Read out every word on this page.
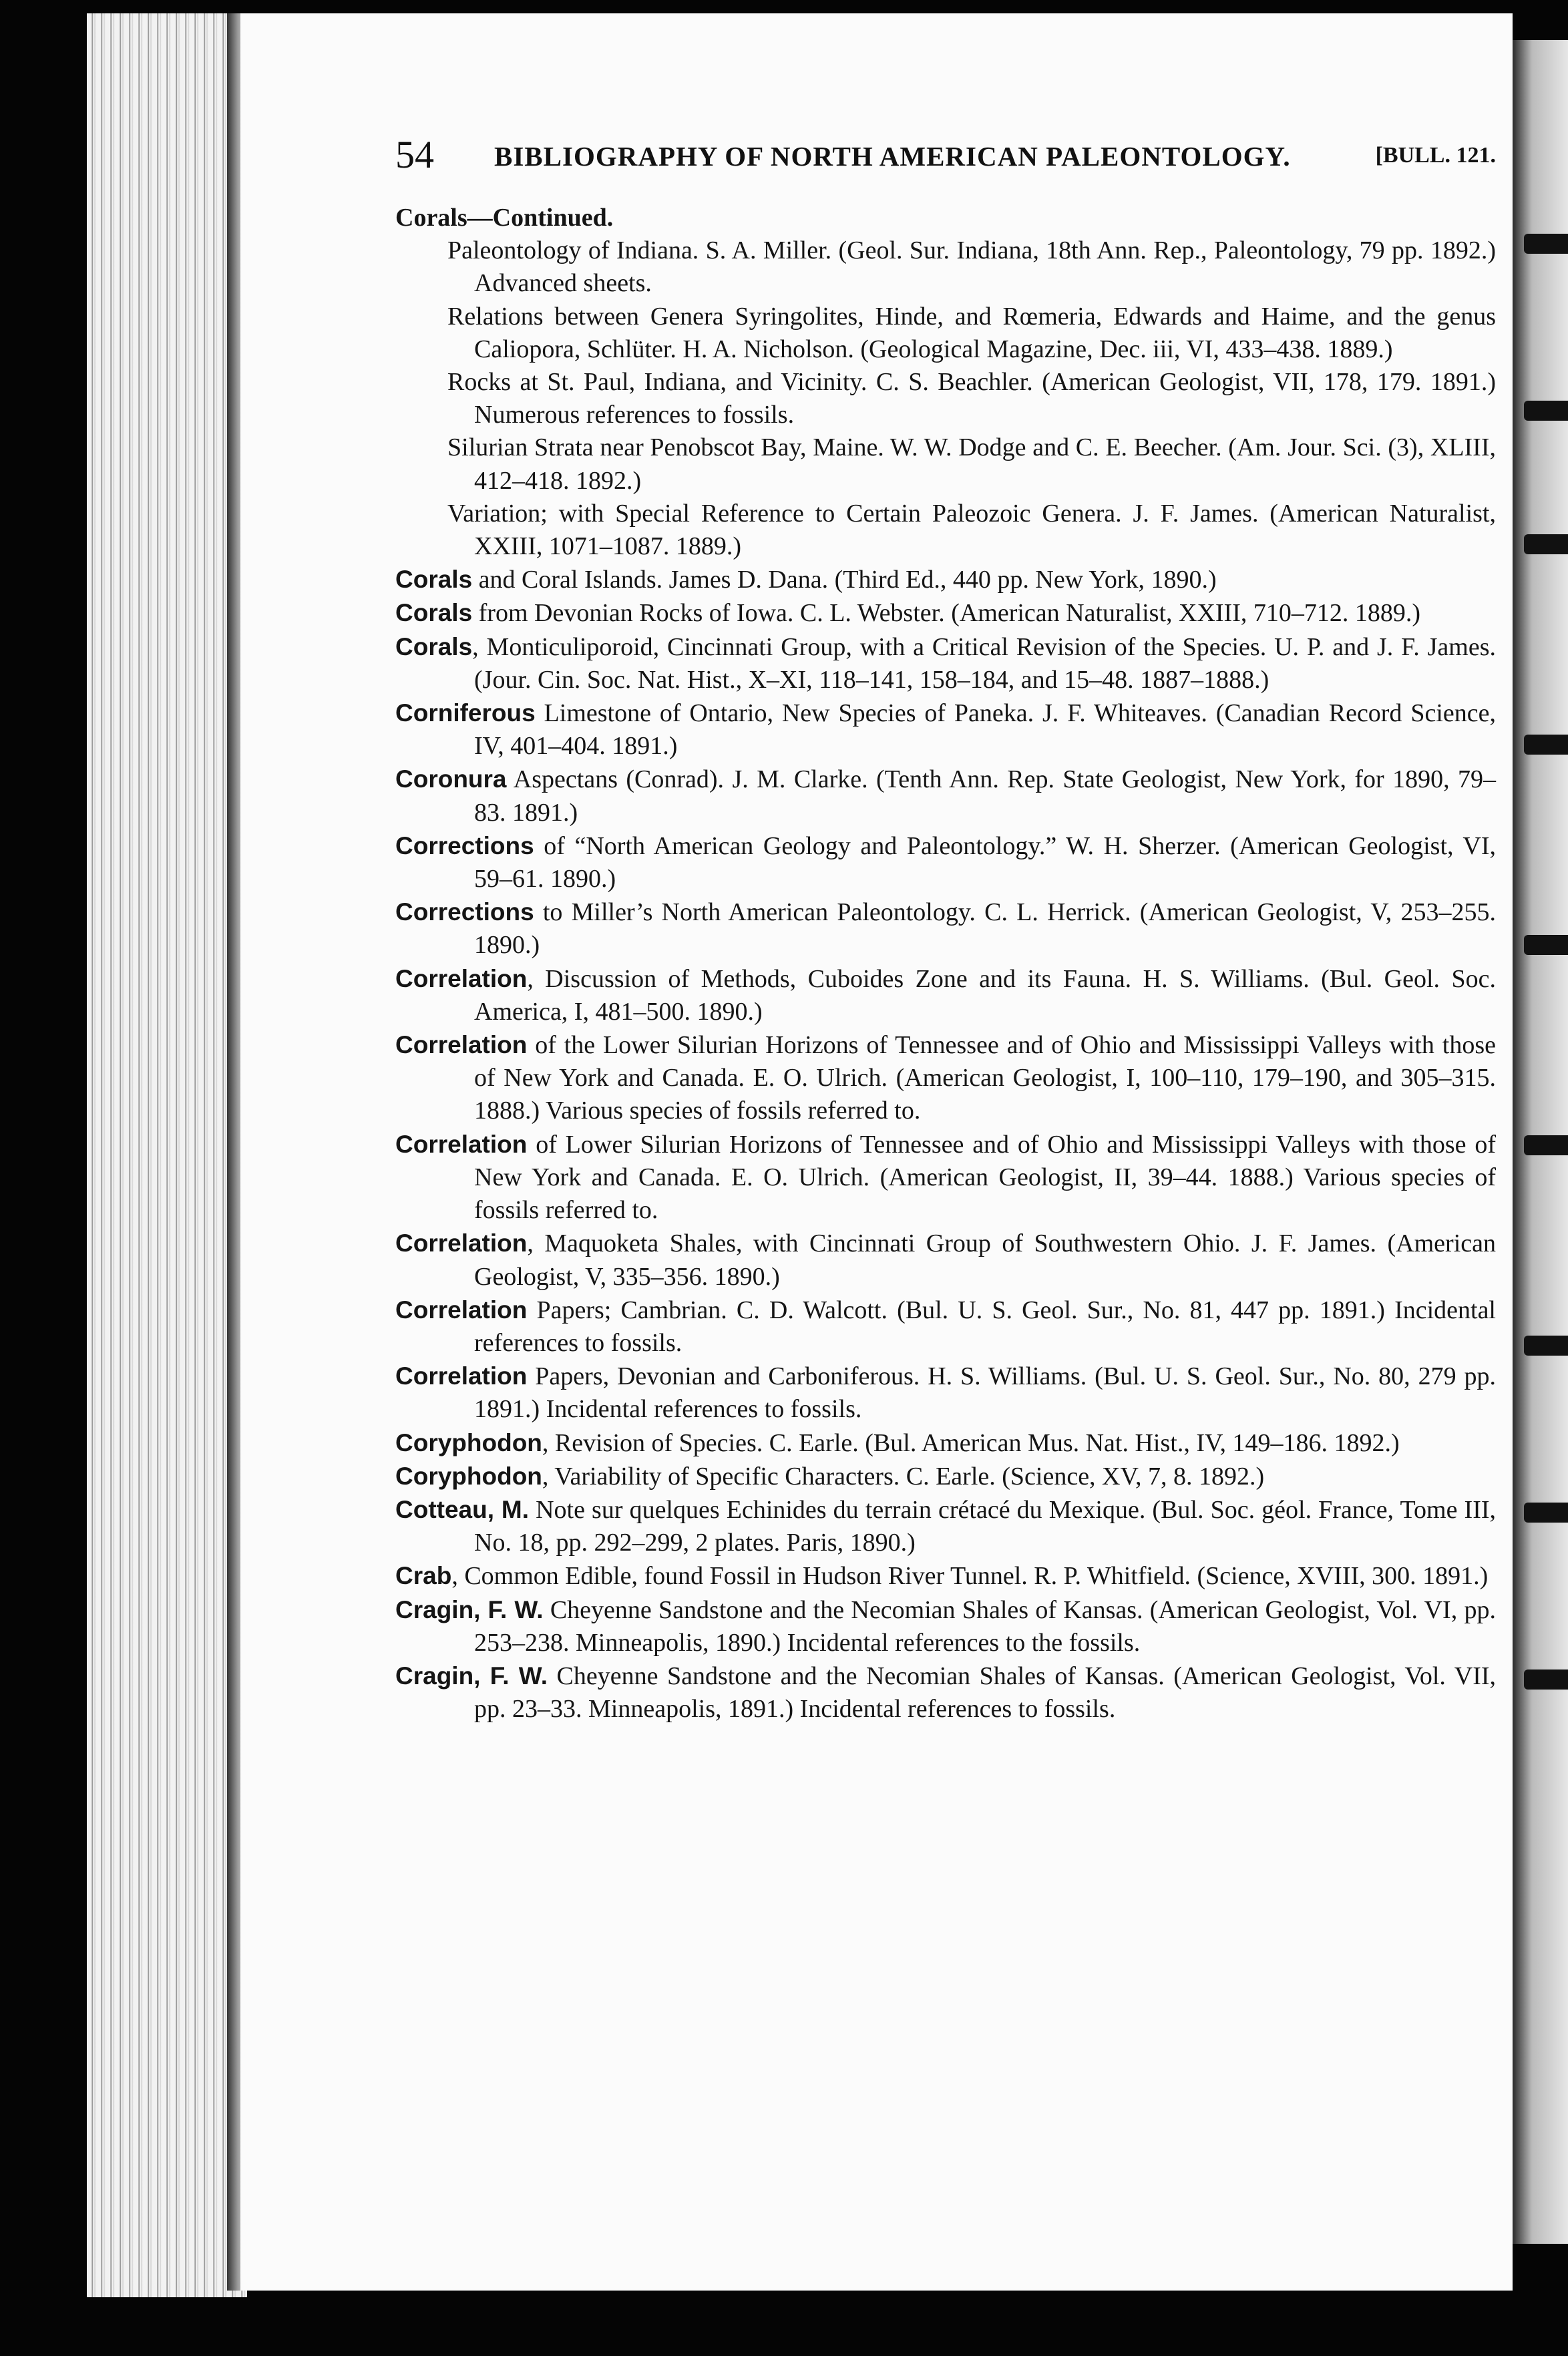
54 BIBLIOGRAPHY OF NORTH AMERICAN PALEONTOLOGY.	[BULL. 121.
Corals—Continued.
Paleontology of Indiana. S. A. Miller. (Geol. Sur. Indiana, 18th Ann. Rep., Paleontology, 79 pp. 1892.) Advanced sheets.
Relations between Genera Syringolites, Hinde, and Rœmeria, Edwards and Haime, and the genus Caliopora, Schlüter. H. A. Nicholson. (Geological Magazine, Dec. iii, VI, 433–438. 1889.)
Rocks at St. Paul, Indiana, and Vicinity. C. S. Beachler. (American Geologist, VII, 178, 179. 1891.) Numerous references to fossils.
Silurian Strata near Penobscot Bay, Maine. W. W. Dodge and C. E. Beecher. (Am. Jour. Sci. (3), XLIII, 412–418. 1892.)
Variation; with Special Reference to Certain Paleozoic Genera. J. F. James. (American Naturalist, XXIII, 1071–1087. 1889.)
Corals and Coral Islands. James D. Dana. (Third Ed., 440 pp. New York, 1890.)
Corals from Devonian Rocks of Iowa. C. L. Webster. (American Naturalist, XXIII, 710–712. 1889.)
Corals, Monticuliporoid, Cincinnati Group, with a Critical Revision of the Species. U. P. and J. F. James. (Jour. Cin. Soc. Nat. Hist., X–XI, 118–141, 158–184, and 15–48. 1887–1888.)
Corniferous Limestone of Ontario, New Species of Paneka. J. F. Whiteaves. (Canadian Record Science, IV, 401–404. 1891.)
Coronura Aspectans (Conrad). J. M. Clarke. (Tenth Ann. Rep. State Geologist, New York, for 1890, 79–83. 1891.)
Corrections of “North American Geology and Paleontology.” W. H. Sherzer. (American Geologist, VI, 59–61. 1890.)
Corrections to Miller’s North American Paleontology. C. L. Herrick. (American Geologist, V, 253–255. 1890.)
Correlation, Discussion of Methods, Cuboides Zone and its Fauna. H. S. Williams. (Bul. Geol. Soc. America, I, 481–500. 1890.)
Correlation of the Lower Silurian Horizons of Tennessee and of Ohio and Mississippi Valleys with those of New York and Canada. E. O. Ulrich. (American Geologist, I, 100–110, 179–190, and 305–315. 1888.) Various species of fossils referred to.
Correlation of Lower Silurian Horizons of Tennessee and of Ohio and Mississippi Valleys with those of New York and Canada. E. O. Ulrich. (American Geologist, II, 39–44. 1888.) Various species of fossils referred to.
Correlation, Maquoketa Shales, with Cincinnati Group of Southwestern Ohio. J. F. James. (American Geologist, V, 335–356. 1890.)
Correlation Papers; Cambrian. C. D. Walcott. (Bul. U. S. Geol. Sur., No. 81, 447 pp. 1891.) Incidental references to fossils.
Correlation Papers, Devonian and Carboniferous. H. S. Williams. (Bul. U. S. Geol. Sur., No. 80, 279 pp. 1891.) Incidental references to fossils.
Coryphodon, Revision of Species. C. Earle. (Bul. American Mus. Nat. Hist., IV, 149–186. 1892.)
Coryphodon, Variability of Specific Characters. C. Earle. (Science, XV, 7, 8. 1892.)
Cotteau, M. Note sur quelques Echinides du terrain crétacé du Mexique. (Bul. Soc. géol. France, Tome III, No. 18, pp. 292–299, 2 plates. Paris, 1890.)
Crab, Common Edible, found Fossil in Hudson River Tunnel. R. P. Whitfield. (Science, XVIII, 300. 1891.)
Cragin, F. W. Cheyenne Sandstone and the Necomian Shales of Kansas. (American Geologist, Vol. VI, pp. 253–238. Minneapolis, 1890.) Incidental references to the fossils.
Cragin, F. W. Cheyenne Sandstone and the Necomian Shales of Kansas. (American Geologist, Vol. VII, pp. 23–33. Minneapolis, 1891.) Incidental references to fossils.
